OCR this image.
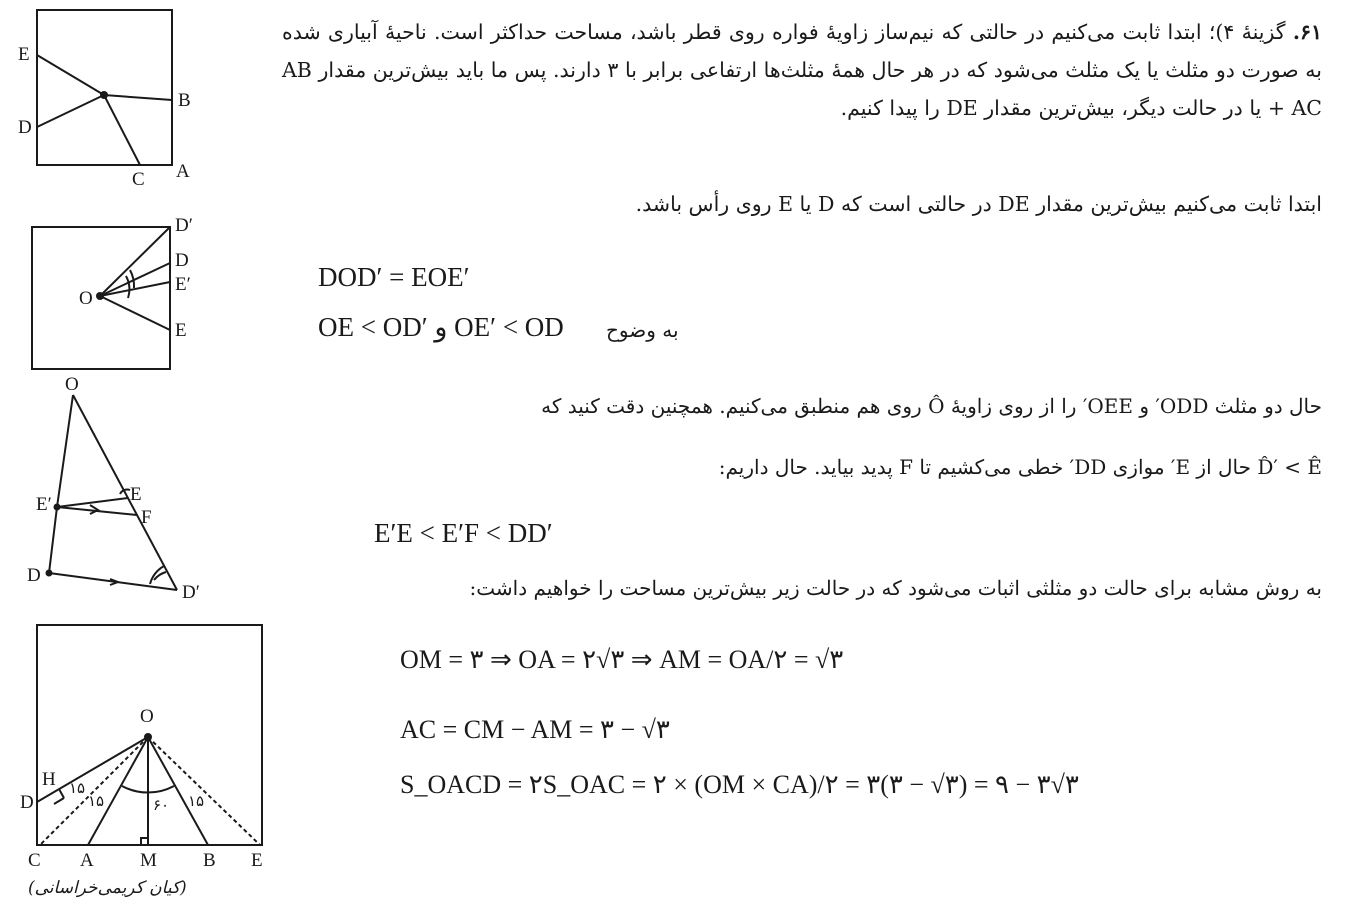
E
B
D
C A
D′
D
E′
O
E
O
E′	E
F
D
D′
O
H
D
C A M B E
۱۵
۱۵	۶۰ ۱۵
(کیان کریمی‌خراسانی)
۶۱. گزینهٔ ۴)؛ ابتدا ثابت می‌کنیم در حالتی که نیم‌ساز زاویهٔ فواره روی قطر باشد، مساحت حداکثر است. ناحیهٔ آبیاری شده به صورت دو مثلث یا یک مثلث می‌شود که در هر حال همهٔ مثلث‌ها ارتفاعی برابر با ۳ دارند. پس ما باید بیش‌ترین مقدار AB + AC یا در حالت دیگر، بیش‌ترین مقدار DE را پیدا کنیم.
ابتدا ثابت می‌کنیم بیش‌ترین مقدار DE در حالتی است که D یا E روی رأس باشد.
DOD′ = EOE′
OE < OD′ و OE′ < OD به وضوح
حال دو مثلث ODD′ و OEE′ را از روی زاویهٔ Ô روی هم منطبق می‌کنیم. همچنین دقت کنید که
D̂′ < Ê حال از E′ موازی DD′ خطی می‌کشیم تا F پدید بیاید. حال داریم:
E′E < E′F < DD′
به روش مشابه برای حالت دو مثلثی اثبات می‌شود که در حالت زیر بیش‌ترین مساحت را خواهیم داشت:
OM = ۳ ⇒ OA = ۲√۳ ⇒ AM = OA/۲ = √۳
AC = CM − AM = ۳ − √۳
S_OACD = ۲S_OAC = ۲ × (OM × CA)/۲ = ۳(۳ − √۳) = ۹ − ۳√۳
